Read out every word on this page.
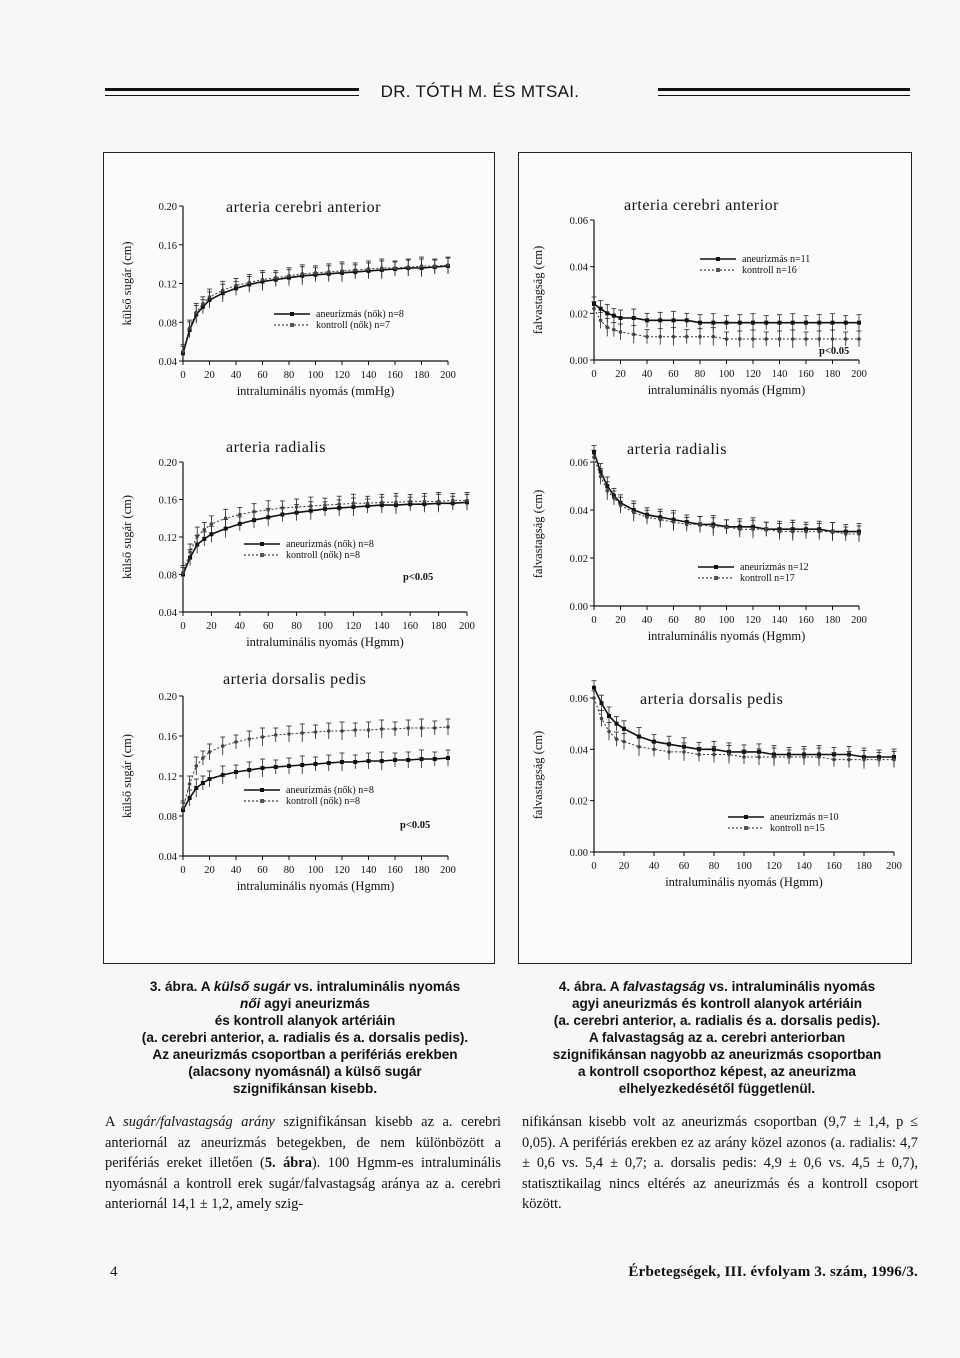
DR. TÓTH M. ÉS MTSAI.
arteria cerebri anterior
0.04
0.08
0.12
0.16
0.20
0 20 40 60 80 100 120 140 160 180 200
intraluminális nyomás (mmHg)
külső sugár (cm)	aneurizmás (nők) n=8
kontroll (nők) n=7
arteria cerebri anterior
0.00
0.02
0.04
0.06
0 20 40 60 80 100 120 140 160 180 200
intraluminális nyomás (Hgmm)
falvastagság (cm)	aneurizmás n=11
kontroll n=16
p<0.05
arteria radialis
0.04
0.08
0.12
0.16
0.20
0 20 40 60 80 100 120 140 160 180 200
intraluminális nyomás (Hgmm)
külső sugár (cm)	aneurizmás (nők) n=8
kontroll (nők) n=8
p<0.05
arteria radialis
0.00
0.02
0.04
0.06
0 20 40 60 80 100 120 140 160 180 200
intraluminális nyomás (Hgmm)
falvastagság (cm)	aneurizmás n=12
kontroll n=17
arteria dorsalis pedis
0.04
0.08
0.12
0.16
0.20
0 20 40 60 80 100 120 140 160 180 200
intraluminális nyomás (Hgmm)
külső sugár (cm)	aneurizmás (nők) n=8
kontroll (nők) n=8
p<0.05
arteria dorsalis pedis
0.00
0.02
0.04
0.06
0 20 40 60 80 100 120 140 160 180 200
intraluminális nyomás (Hgmm)
falvastagság (cm)	aneurizmás n=10
kontroll n=15
3. ábra. A külső sugár vs. intraluminális nyomás
női agyi aneurizmás
és kontroll alanyok artériáin
(a. cerebri anterior, a. radialis és a. dorsalis pedis).
Az aneurizmás csoportban a perifériás erekben
(alacsony nyomásnál) a külső sugár
szignifikánsan kisebb.
4. ábra. A falvastagság vs. intraluminális nyomás
agyi aneurizmás és kontroll alanyok artériáin
(a. cerebri anterior, a. radialis és a. dorsalis pedis).
A falvastagság az a. cerebri anteriorban
szignifikánsan nagyobb az aneurizmás csoportban
a kontroll csoporthoz képest, az aneurizma
elhelyezkedésétől függetlenül.
A sugár/falvastagság arány szignifikánsan kisebb az a. cerebri anteriornál az aneurizmás betegekben, de nem különbözött a perifériás ereket illetően (5. ábra). 100 Hgmm-es intraluminális nyomásnál a kontroll erek sugár/falvastagság aránya az a. cerebri anteriornál 14,1 ± 1,2, amely szig-
nifikánsan kisebb volt az aneurizmás csoportban (9,7 ± 1,4, p ≤ 0,05). A perifériás erekben ez az arány közel azonos (a. radialis: 4,7 ± 0,6 vs. 5,4 ± 0,7; a. dorsalis pedis: 4,9 ± 0,6 vs. 4,5 ± 0,7), statisztikailag nincs eltérés az aneurizmás és a kontroll csoport között.
4	Érbetegségek, III. évfolyam 3. szám, 1996/3.
